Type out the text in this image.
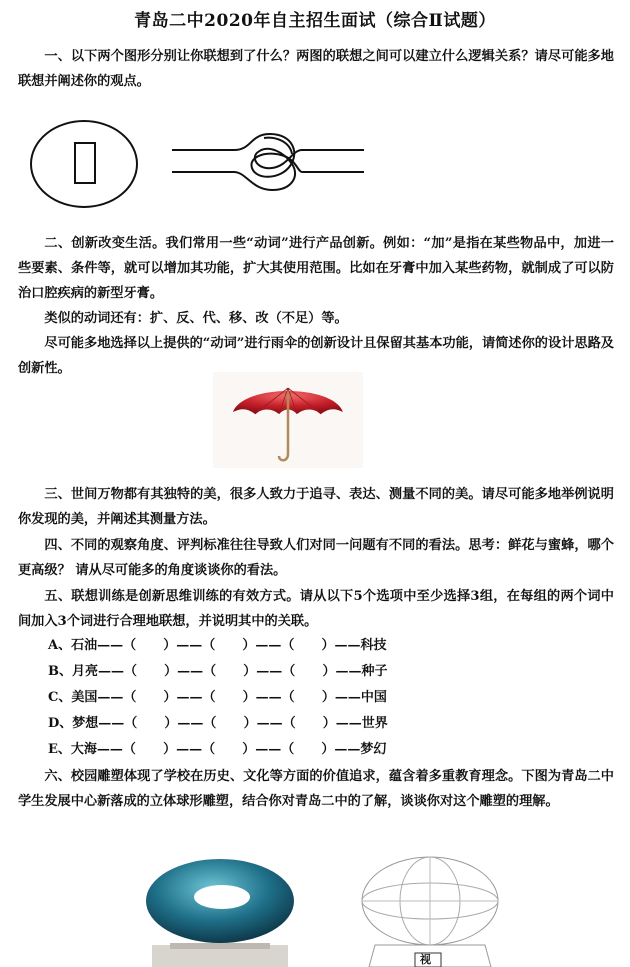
青岛二中2020年自主招生面试（综合Ⅱ试题）
一、以下两个图形分别让你联想到了什么？两图的联想之间可以建立什么逻辑关系？请尽可能多地联想并阐述你的观点。
二、创新改变生活。我们常用一些“动词”进行产品创新。例如：“加”是指在某些物品中，加进一些要素、条件等，就可以增加其功能，扩大其使用范围。比如在牙膏中加入某些药物，就制成了可以防治口腔疾病的新型牙膏。
类似的动词还有：扩、反、代、移、改（不足）等。
尽可能多地选择以上提供的“动词”进行雨伞的创新设计且保留其基本功能，请简述你的设计思路及创新性。
三、世间万物都有其独特的美，很多人致力于追寻、表达、测量不同的美。请尽可能多地举例说明你发现的美，并阐述其测量方法。
四、不同的观察角度、评判标准往往导致人们对同一问题有不同的看法。思考：鲜花与蜜蜂，哪个更高级？ 请从尽可能多的角度谈谈你的看法。
五、联想训练是创新思维训练的有效方式。请从以下5个选项中至少选择3组，在每组的两个词中间加入3个词进行合理地联想，并说明其中的关联。
A、石油——（      ）——（      ）——（      ）——科技
B、月亮——（      ）——（      ）——（      ）——种子
C、美国——（      ）——（      ）——（      ）——中国
D、梦想——（      ）——（      ）——（      ）——世界
E、大海——（      ）——（      ）——（      ）——梦幻
六、校园雕塑体现了学校在历史、文化等方面的价值追求，蕴含着多重教育理念。下图为青岛二中学生发展中心新落成的立体球形雕塑，结合你对青岛二中的了解，谈谈你对这个雕塑的理解。
视
